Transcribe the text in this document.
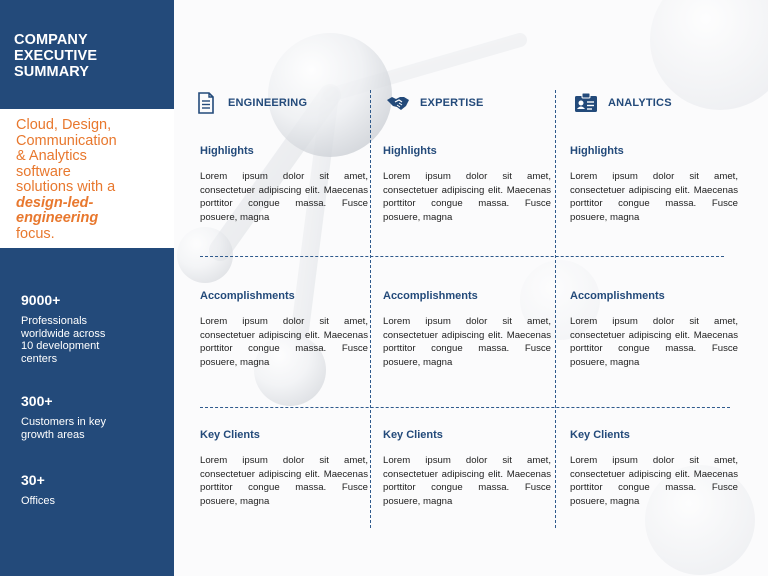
COMPANY
EXECUTIVE
SUMMARY
Cloud, Design,
Communication
& Analytics
software
solutions with a
design-led-
engineering
focus.
9000+
Professionals
worldwide across
10 development
centers
300+
Customers in key
growth areas
30+
Offices
ENGINEERING	EXPERTISE	ANALYTICS
Highlights
Lorem ipsum dolor sit amet, consectetuer adipiscing elit. Maecenas porttitor congue massa. Fusce posuere, magna
Accomplishments
Lorem ipsum dolor sit amet, consectetuer adipiscing elit. Maecenas porttitor congue massa. Fusce posuere, magna
Key Clients
Lorem ipsum dolor sit amet, consectetuer adipiscing elit. Maecenas porttitor congue massa. Fusce posuere, magna
Highlights
Lorem ipsum dolor sit amet, consectetuer adipiscing elit. Maecenas porttitor congue massa. Fusce posuere, magna
Accomplishments
Lorem ipsum dolor sit amet, consectetuer adipiscing elit. Maecenas porttitor congue massa. Fusce posuere, magna
Key Clients
Lorem ipsum dolor sit amet, consectetuer adipiscing elit. Maecenas porttitor congue massa. Fusce posuere, magna
Highlights
Lorem ipsum dolor sit amet, consectetuer adipiscing elit. Maecenas porttitor congue massa. Fusce posuere, magna
Accomplishments
Lorem ipsum dolor sit amet, consectetuer adipiscing elit. Maecenas porttitor congue massa. Fusce posuere, magna
Key Clients
Lorem ipsum dolor sit amet, consectetuer adipiscing elit. Maecenas porttitor congue massa. Fusce posuere, magna
